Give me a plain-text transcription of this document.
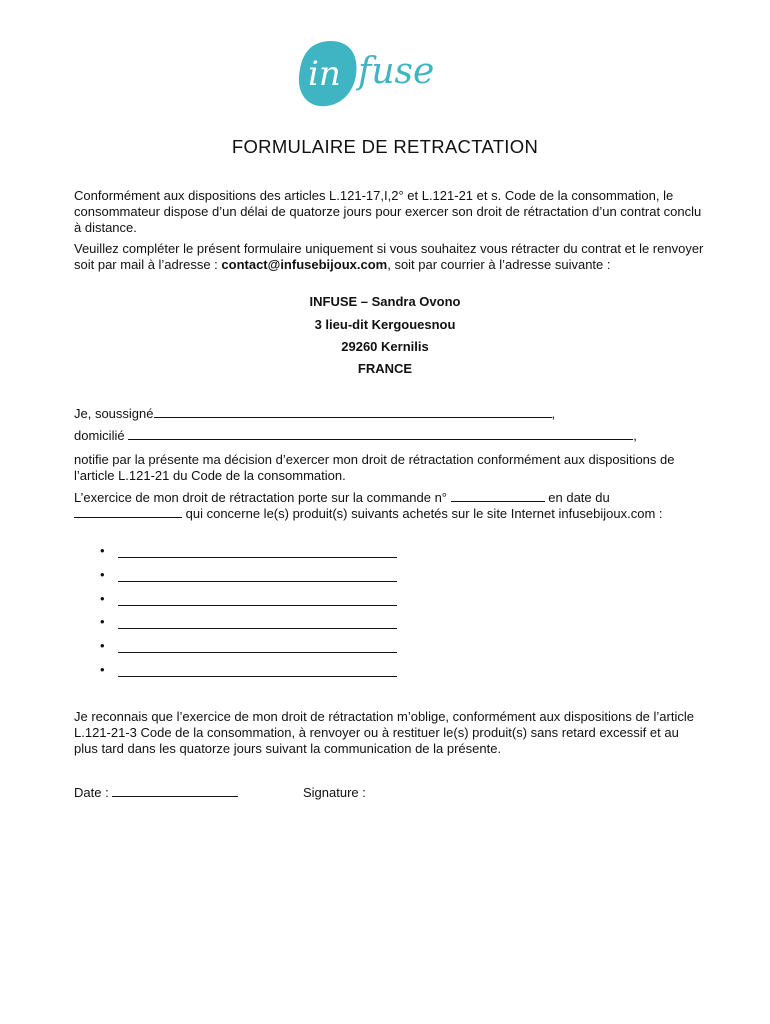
in fuse
FORMULAIRE DE RETRACTATION
Conformément aux dispositions des articles L.121-17,I,2° et L.121-21 et s. Code de la consommation, le consommateur dispose d’un délai de quatorze jours pour exercer son droit de rétractation d’un contrat conclu à distance.
Veuillez compléter le présent formulaire uniquement si vous souhaitez vous rétracter du contrat et le renvoyer soit par mail à l’adresse : contact@infusebijoux.com, soit par courrier à l’adresse suivante :
INFUSE – Sandra Ovono
3 lieu-dit Kergouesnou
29260 Kernilis
FRANCE
Je, soussigné	,
domicilié	,
notifie par la présente ma décision d’exercer mon droit de rétractation conformément aux dispositions de l’article L.121-21 du Code de la consommation.
L’exercice de mon droit de rétractation porte sur la commande n°	en date du  qui concerne le(s) produit(s) suivants achetés sur le site Internet infusebijoux.com :
•
•
•
•
•
•
Je reconnais que l’exercice de mon droit de rétractation m’oblige, conformément aux dispositions de l’article L.121-21-3 Code de la consommation, à renvoyer ou à restituer le(s) produit(s) sans retard excessif et au plus tard dans les quatorze jours suivant la communication de la présente.
Date :	Signature :
